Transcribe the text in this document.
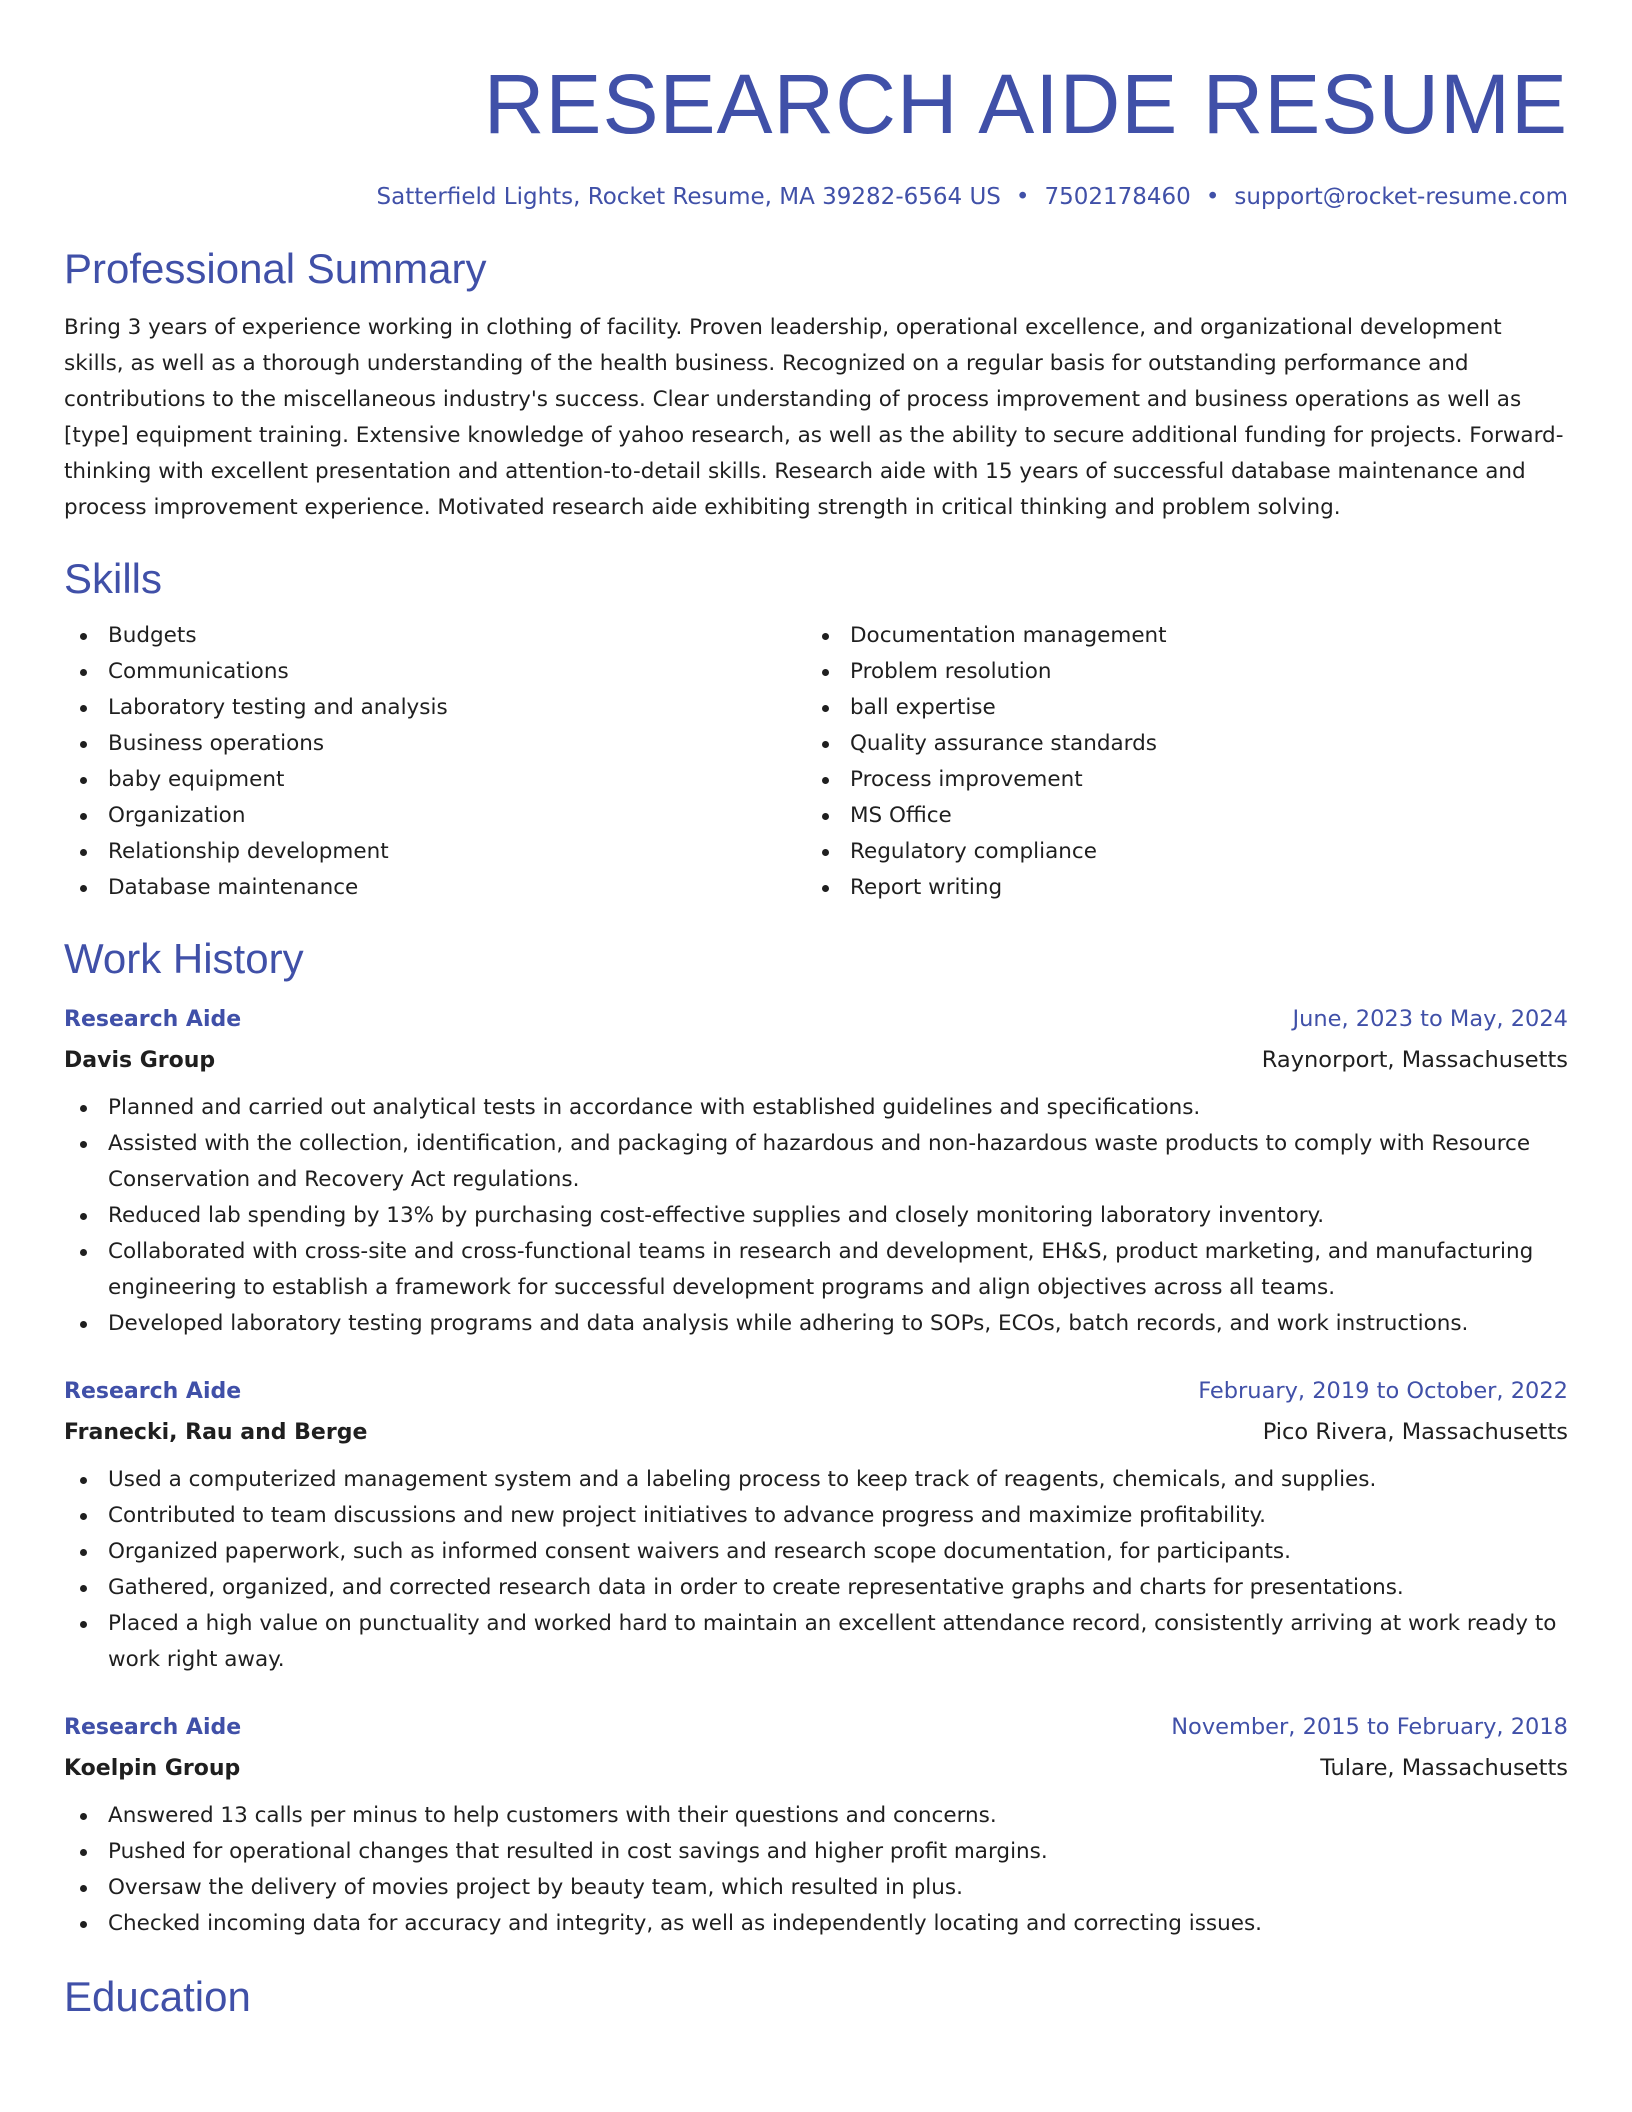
RESEARCH AIDE RESUME
Satterfield Lights, Rocket Resume, MA 39282-6564 US • 7502178460 • support@rocket-resume.com
Professional Summary

Bring 3 years of experience working in clothing of facility. Proven leadership, operational excellence, and organizational development skills, as well as a thorough understanding of the health business. Recognized on a regular basis for outstanding performance and contributions to the miscellaneous industry's success. Clear understanding of process improvement and business operations as well as [type] equipment training. Extensive knowledge of yahoo research, as well as the ability to secure additional funding for projects. Forward-thinking with excellent presentation and attention-to-detail skills. Research aide with 15 years of successful database maintenance and process improvement experience. Motivated research aide exhibiting strength in critical thinking and problem solving.

Skills
Budgets
Communications
Laboratory testing and analysis
Business operations
baby equipment
Organization
Relationship development
Database maintenance
Documentation management
Problem resolution
ball expertise
Quality assurance standards
Process improvement
MS Office
Regulatory compliance
Report writing
Work History
Research Aide	June, 2023 to May, 2024
Davis Group	Raynorport, Massachusetts
Planned and carried out analytical tests in accordance with established guidelines and specifications.
Assisted with the collection, identification, and packaging of hazardous and non-hazardous waste products to comply with Resource Conservation and Recovery Act regulations.
Reduced lab spending by 13% by purchasing cost-effective supplies and closely monitoring laboratory inventory.
Collaborated with cross-site and cross-functional teams in research and development, EH&S, product marketing, and manufacturing engineering to establish a framework for successful development programs and align objectives across all teams.
Developed laboratory testing programs and data analysis while adhering to SOPs, ECOs, batch records, and work instructions.
Research Aide	February, 2019 to October, 2022
Franecki, Rau and Berge	Pico Rivera, Massachusetts
Used a computerized management system and a labeling process to keep track of reagents, chemicals, and supplies.
Contributed to team discussions and new project initiatives to advance progress and maximize profitability.
Organized paperwork, such as informed consent waivers and research scope documentation, for participants.
Gathered, organized, and corrected research data in order to create representative graphs and charts for presentations.
Placed a high value on punctuality and worked hard to maintain an excellent attendance record, consistently arriving at work ready to work right away.
Research Aide	November, 2015 to February, 2018
Koelpin Group	Tulare, Massachusetts
Answered 13 calls per minus to help customers with their questions and concerns.
Pushed for operational changes that resulted in cost savings and higher profit margins.
Oversaw the delivery of movies project by beauty team, which resulted in plus.
Checked incoming data for accuracy and integrity, as well as independently locating and correcting issues.
Education
